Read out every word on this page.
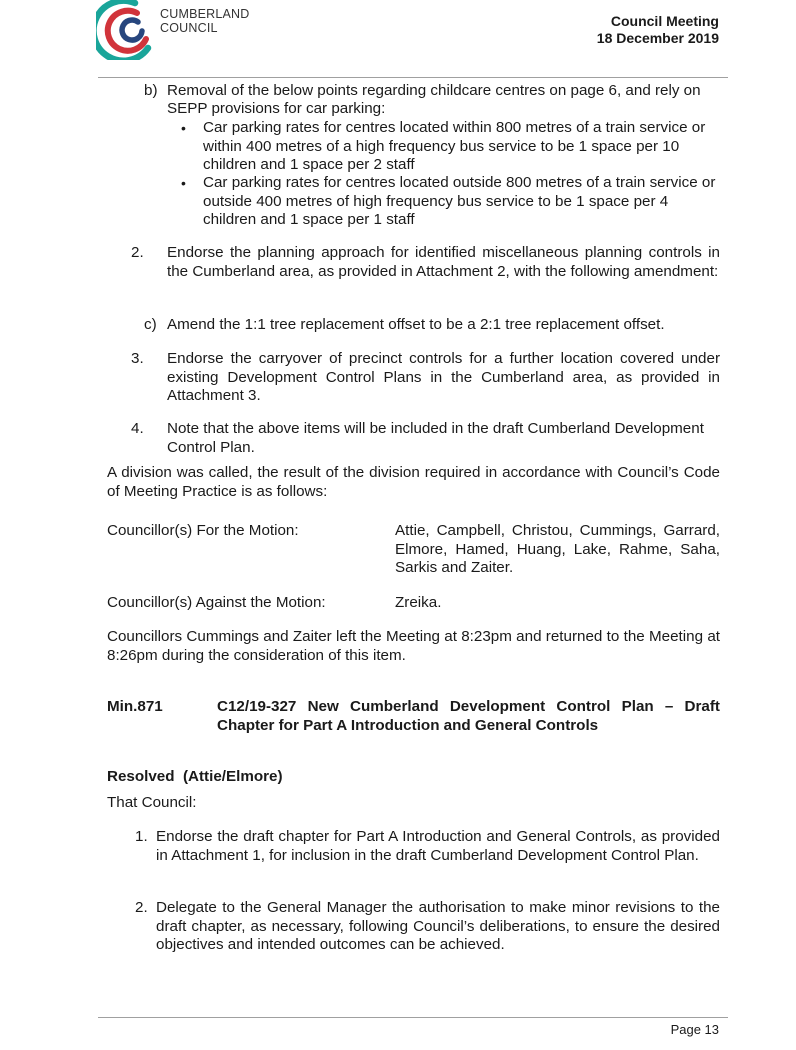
CUMBERLAND
COUNCIL	Council Meeting
18 December 2019
b) Removal of the below points regarding childcare centres on page 6, and rely on
SEPP provisions for car parking:
• Car parking rates for centres located within 800 metres of a train service or within 400 metres of a high frequency bus service to be 1 space per 10 children and 1 space per 2 staff
• Car parking rates for centres located outside 800 metres of a train service or outside 400 metres of high frequency bus service to be 1 space per 4 children and 1 space per 1 staff
2. Endorse the planning approach for identified miscellaneous planning controls in the Cumberland area, as provided in Attachment 2, with the following amendment:
c) Amend the 1:1 tree replacement offset to be a 2:1 tree replacement offset.
3. Endorse the carryover of precinct controls for a further location covered under existing Development Control Plans in the Cumberland area, as provided in Attachment 3.
4. Note that the above items will be included in the draft Cumberland Development Control Plan.
A division was called, the result of the division required in accordance with Council’s Code of Meeting Practice is as follows:
Councillor(s) For the Motion:	Attie, Campbell, Christou, Cummings, Garrard, Elmore, Hamed, Huang, Lake, Rahme, Saha, Sarkis and Zaiter.
Councillor(s) Against the Motion:	Zreika.
Councillors Cummings and Zaiter left the Meeting at 8:23pm and returned to the Meeting at 8:26pm during the consideration of this item.
Min.871	C12/19-327 New Cumberland Development Control Plan – Draft Chapter for Part A Introduction and General Controls
Resolved  (Attie/Elmore)
That Council:
1. Endorse the draft chapter for Part A Introduction and General Controls, as provided in Attachment 1, for inclusion in the draft Cumberland Development Control Plan.
2. Delegate to the General Manager the authorisation to make minor revisions to the draft chapter, as necessary, following Council’s deliberations, to ensure the desired objectives and intended outcomes can be achieved.
Page 13
